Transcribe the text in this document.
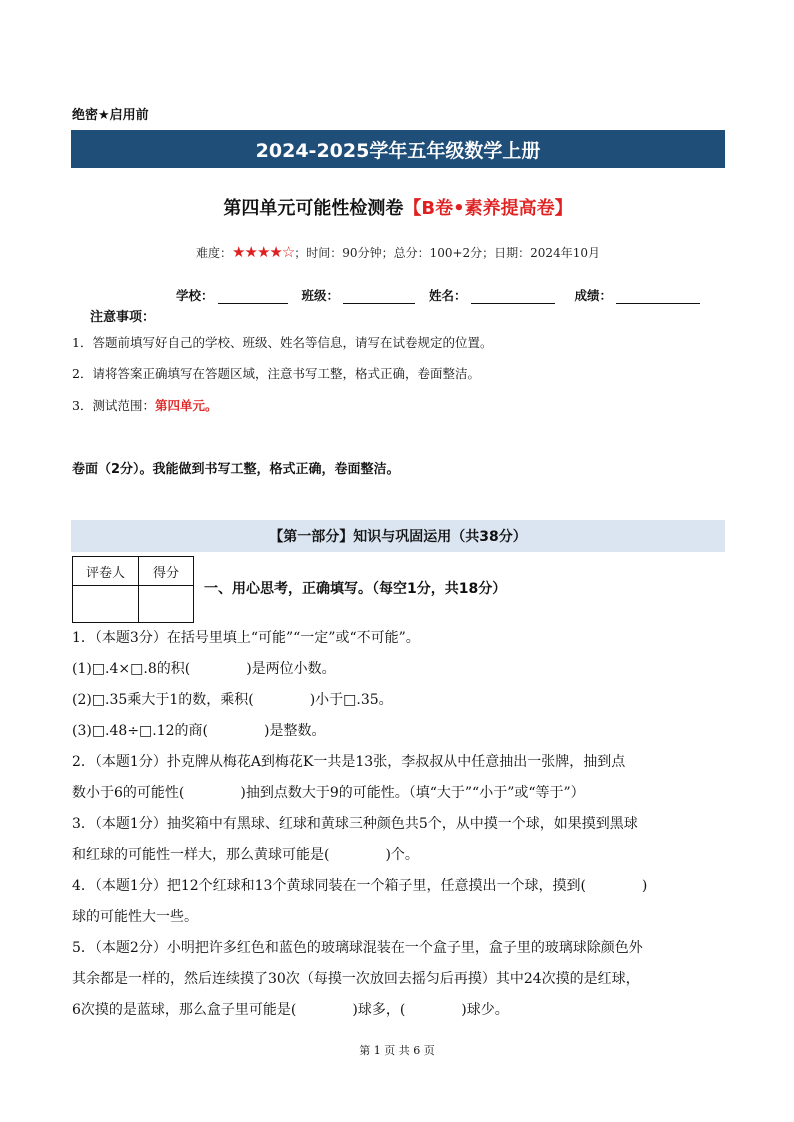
绝密★启用前
2024-2025学年五年级数学上册
第四单元可能性检测卷【B卷•素养提高卷】
难度：★★★★☆；时间：90分钟；总分：100+2分；日期：2024年10月
学校：	班级：	姓名：	成绩：
注意事项：
1．答题前填写好自己的学校、班级、姓名等信息，请写在试卷规定的位置。
2．请将答案正确填写在答题区域，注意书写工整，格式正确，卷面整洁。
3．测试范围：第四单元。
卷面（2分）。我能做到书写工整，格式正确，卷面整洁。
【第一部分】知识与巩固运用（共38分）
评卷人	得分

一、用心思考，正确填写。（每空1分，共18分）
1．（本题3分）在括号里填上“可能”“一定”或“不可能”。
(1)□.4×□.8的积(　　　　)是两位小数。
(2)□.35乘大于1的数，乘积(　　　　)小于□.35。
(3)□.48÷□.12的商(　　　　)是整数。
2．（本题1分）扑克牌从梅花A到梅花K一共是13张，李叔叔从中任意抽出一张牌，抽到点
数小于6的可能性(　　　　)抽到点数大于9的可能性。（填“大于”“小于”或“等于”）
3．（本题1分）抽奖箱中有黑球、红球和黄球三种颜色共5个，从中摸一个球，如果摸到黑球
和红球的可能性一样大，那么黄球可能是(　　　　)个。
4．（本题1分）把12个红球和13个黄球同装在一个箱子里，任意摸出一个球，摸到(　　　　)
球的可能性大一些。
5．（本题2分）小明把许多红色和蓝色的玻璃球混装在一个盒子里，盒子里的玻璃球除颜色外
其余都是一样的，然后连续摸了30次（每摸一次放回去摇匀后再摸）其中24次摸的是红球，
6次摸的是蓝球，那么盒子里可能是(　　　　)球多，(　　　　)球少。
第 1 页 共 6 页
